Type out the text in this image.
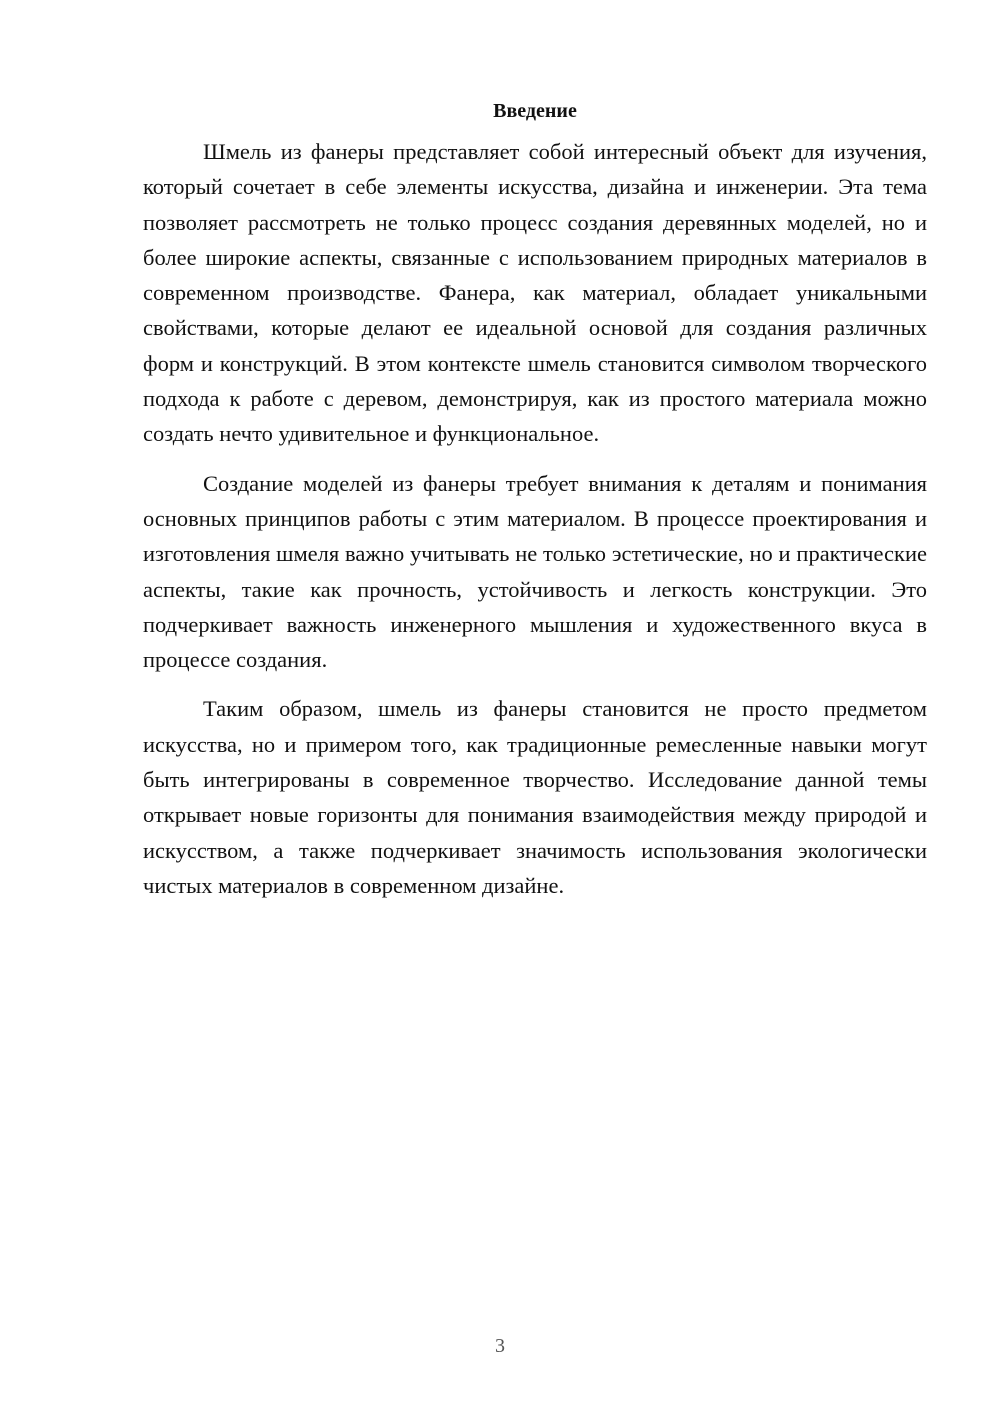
Введение

Шмель из фанеры представляет собой интересный объект для изучения, который сочетает в себе элементы искусства, дизайна и инженерии. Эта тема позволяет рассмотреть не только процесс создания деревянных моделей, но и более широкие аспекты, связанные с использованием природных материалов в современном производстве. Фанера, как материал, обладает уникальными свойствами, которые делают ее идеальной основой для создания различных форм и конструкций. В этом контексте шмель становится символом творческого подхода к работе с деревом, демонстрируя, как из простого материала можно создать нечто удивительное и функциональное.

Создание моделей из фанеры требует внимания к деталям и понимания основных принципов работы с этим материалом. В процессе проектирования и изготовления шмеля важно учитывать не только эстетические, но и практические аспекты, такие как прочность, устойчивость и легкость конструкции. Это подчеркивает важность инженерного мышления и художественного вкуса в процессе создания.

Таким образом, шмель из фанеры становится не просто предметом искусства, но и примером того, как традиционные ремесленные навыки могут быть интегрированы в современное творчество. Исследование данной темы открывает новые горизонты для понимания взаимодействия между природой и искусством, а также подчеркивает значимость использования экологически чистых материалов в современном дизайне.

3
